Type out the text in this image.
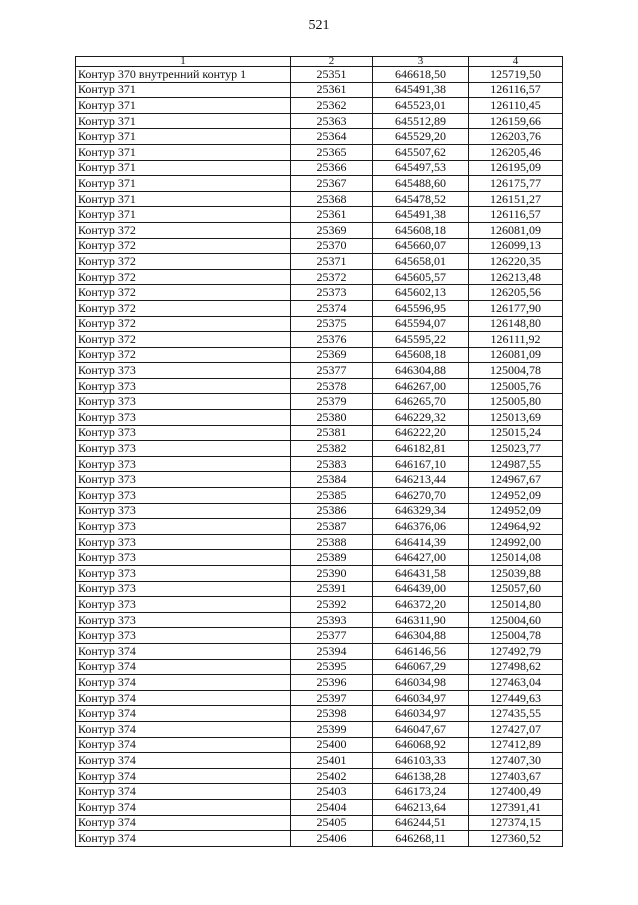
521
1	2	3	4
Контур 370 внутренний контур 1	25351	646618,50	125719,50
Контур 371	25361	645491,38	126116,57
Контур 371	25362	645523,01	126110,45
Контур 371	25363	645512,89	126159,66
Контур 371	25364	645529,20	126203,76
Контур 371	25365	645507,62	126205,46
Контур 371	25366	645497,53	126195,09
Контур 371	25367	645488,60	126175,77
Контур 371	25368	645478,52	126151,27
Контур 371	25361	645491,38	126116,57
Контур 372	25369	645608,18	126081,09
Контур 372	25370	645660,07	126099,13
Контур 372	25371	645658,01	126220,35
Контур 372	25372	645605,57	126213,48
Контур 372	25373	645602,13	126205,56
Контур 372	25374	645596,95	126177,90
Контур 372	25375	645594,07	126148,80
Контур 372	25376	645595,22	126111,92
Контур 372	25369	645608,18	126081,09
Контур 373	25377	646304,88	125004,78
Контур 373	25378	646267,00	125005,76
Контур 373	25379	646265,70	125005,80
Контур 373	25380	646229,32	125013,69
Контур 373	25381	646222,20	125015,24
Контур 373	25382	646182,81	125023,77
Контур 373	25383	646167,10	124987,55
Контур 373	25384	646213,44	124967,67
Контур 373	25385	646270,70	124952,09
Контур 373	25386	646329,34	124952,09
Контур 373	25387	646376,06	124964,92
Контур 373	25388	646414,39	124992,00
Контур 373	25389	646427,00	125014,08
Контур 373	25390	646431,58	125039,88
Контур 373	25391	646439,00	125057,60
Контур 373	25392	646372,20	125014,80
Контур 373	25393	646311,90	125004,60
Контур 373	25377	646304,88	125004,78
Контур 374	25394	646146,56	127492,79
Контур 374	25395	646067,29	127498,62
Контур 374	25396	646034,98	127463,04
Контур 374	25397	646034,97	127449,63
Контур 374	25398	646034,97	127435,55
Контур 374	25399	646047,67	127427,07
Контур 374	25400	646068,92	127412,89
Контур 374	25401	646103,33	127407,30
Контур 374	25402	646138,28	127403,67
Контур 374	25403	646173,24	127400,49
Контур 374	25404	646213,64	127391,41
Контур 374	25405	646244,51	127374,15
Контур 374	25406	646268,11	127360,52
